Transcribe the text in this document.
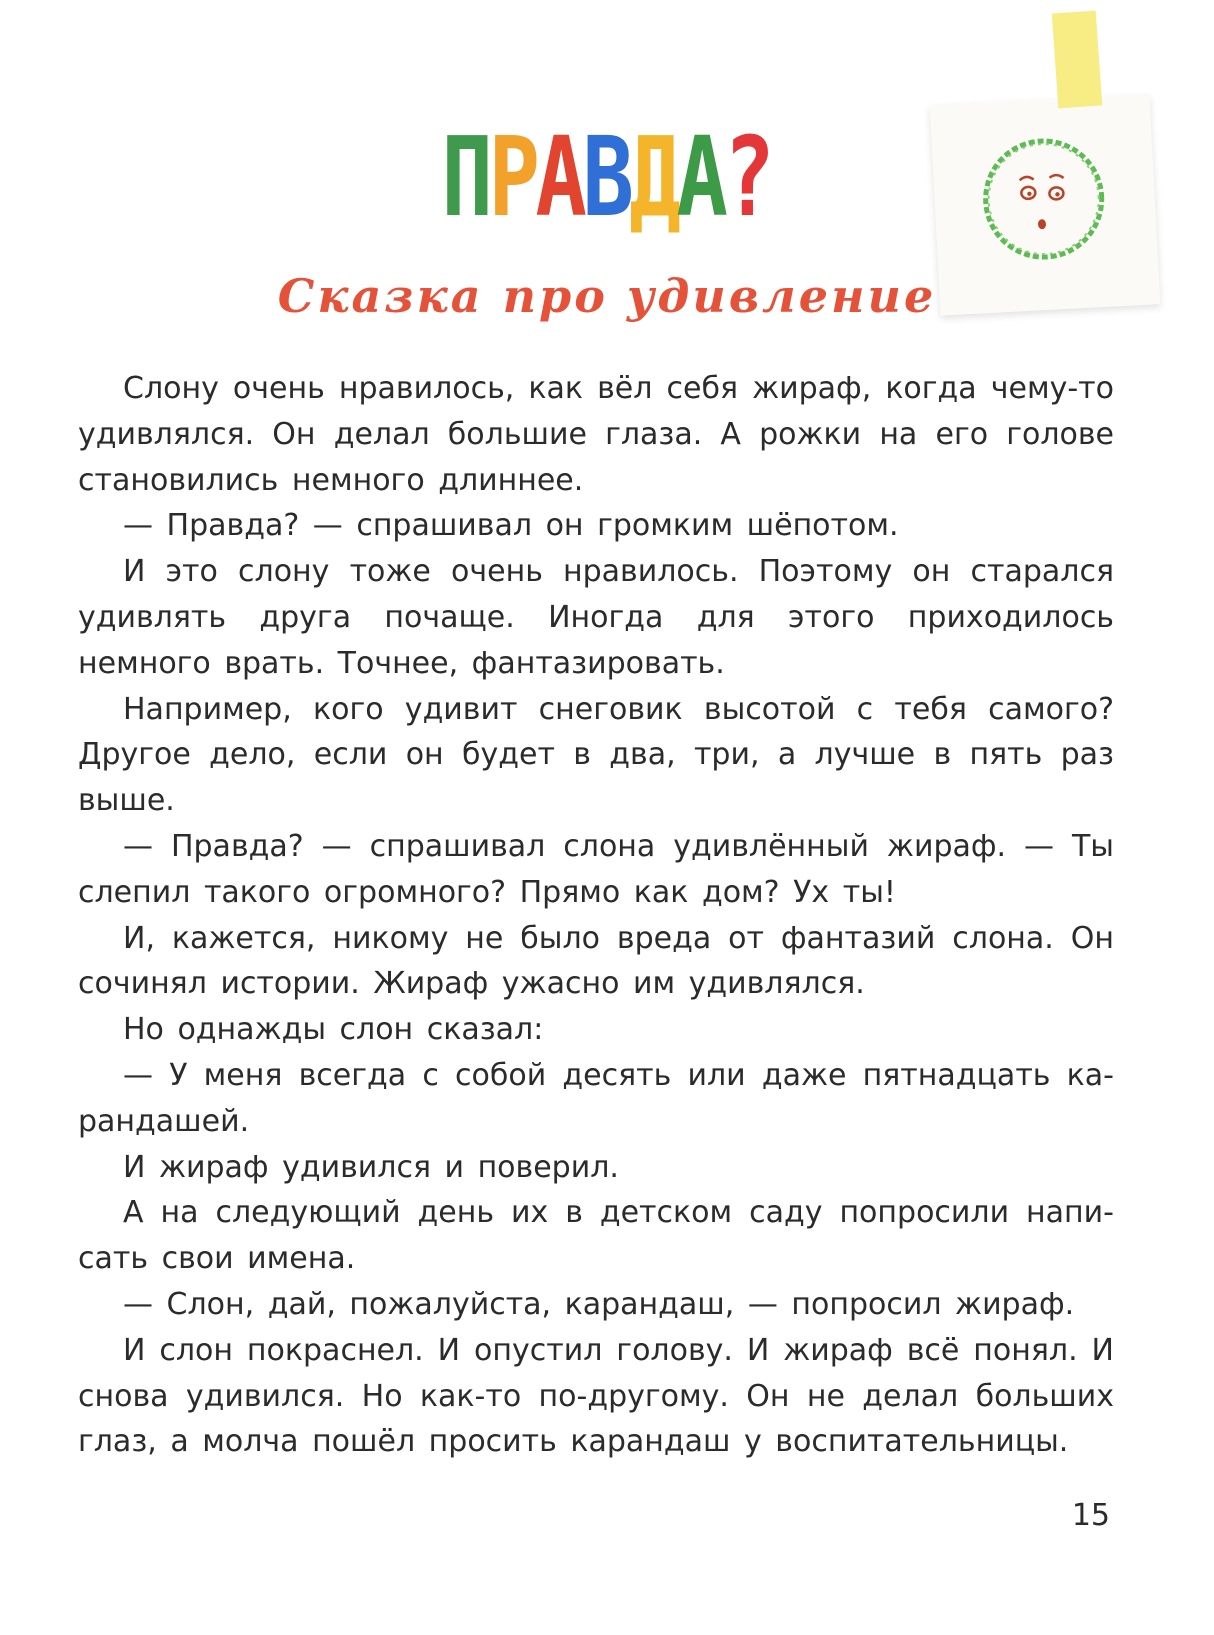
ПРАВДА?
Сказка про удивление

Слону очень нравилось, как вёл себя жираф, когда чему-то удивлялся. Он делал большие глаза. А рожки на его голове становились немного длиннее.

— Правда? — спрашивал он громким шёпотом.

И это слону тоже очень нравилось. Поэтому он старался удивлять друга почаще. Иногда для этого приходилось немного врать. Точнее, фантазировать.

Например, кого удивит снеговик высотой с тебя самого? Другое дело, если он будет в два, три, а лучше в пять раз выше.

— Правда? — спрашивал слона удивлённый жираф. — Ты слепил такого огромного? Прямо как дом? Ух ты!

И, кажется, никому не было вреда от фантазий слона. Он сочинял истории. Жираф ужасно им удивлялся.

Но однажды слон сказал:

— У меня всегда с собой десять или даже пятнадцать карандашей.

И жираф удивился и поверил.

А на следующий день их в детском саду попросили написать свои имена.

— Слон, дай, пожалуйста, карандаш, — попросил жираф.

И слон покраснел. И опустил голову. И жираф всё понял. И снова удивился. Но как-то по-другому. Он не делал больших глаз, а молча пошёл просить карандаш у воспитательницы.

15
